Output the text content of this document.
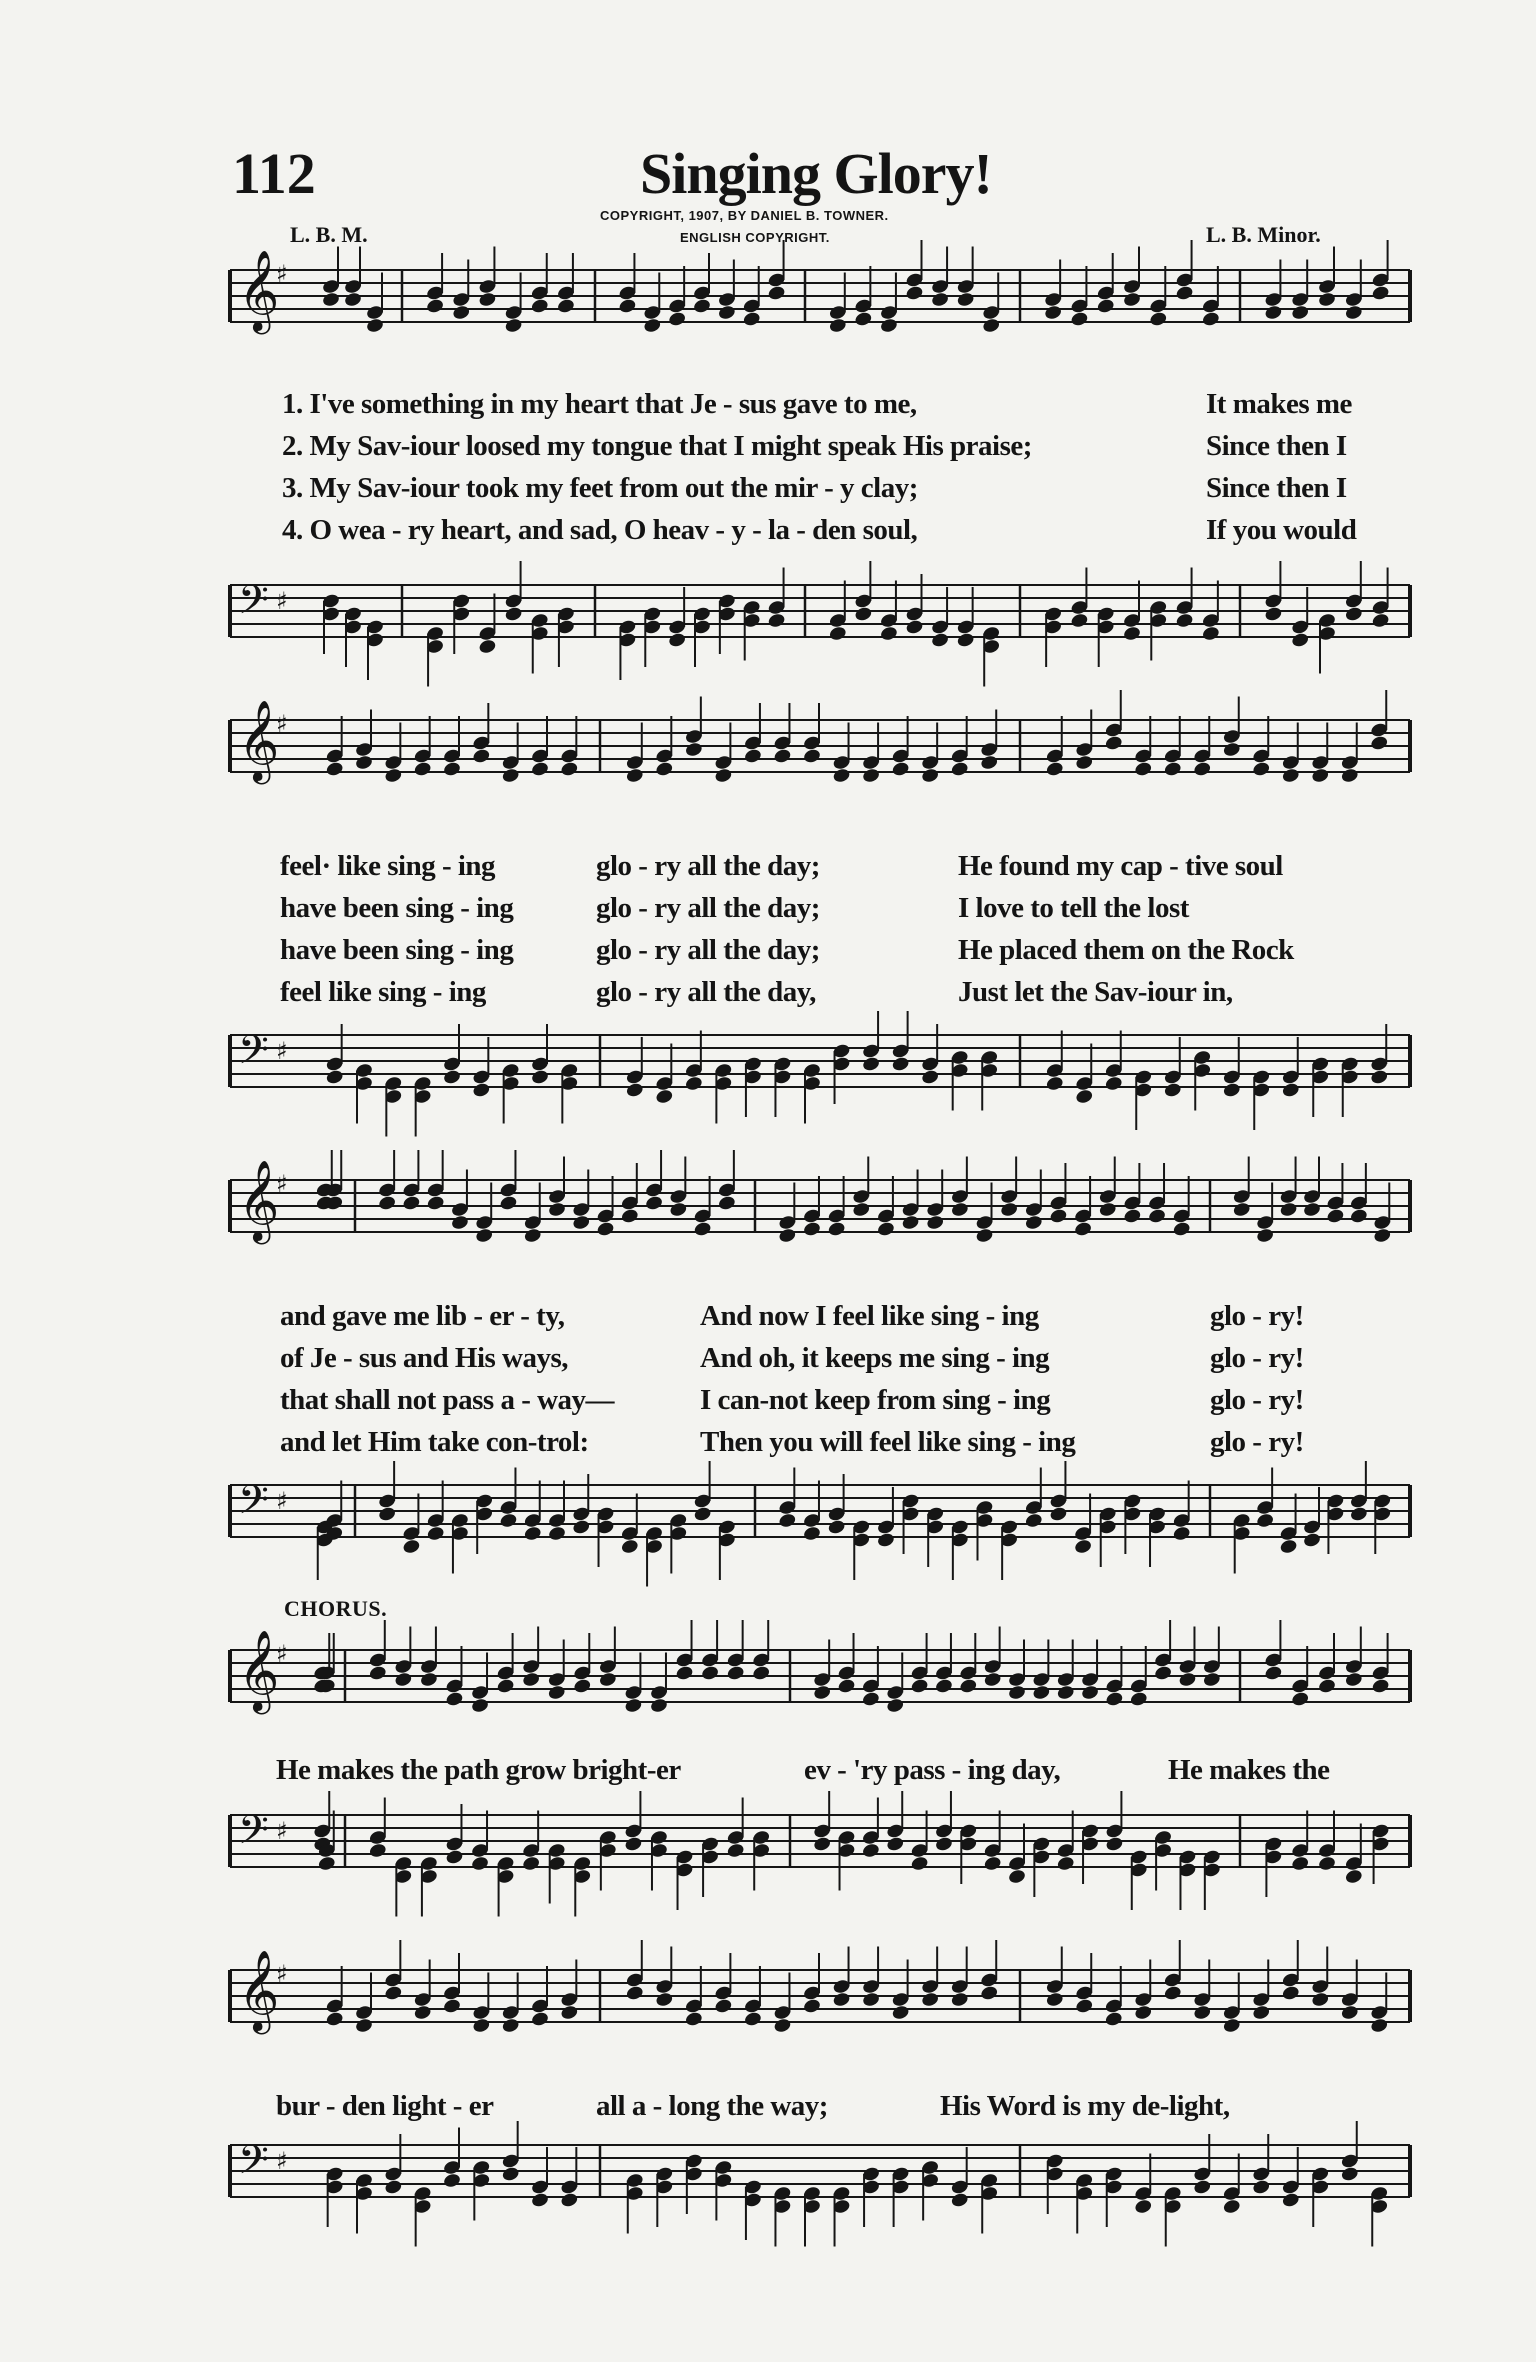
112	Singing Glory!
COPYRIGHT, 1907, BY DANIEL B. TOWNER.
ENGLISH COPYRIGHT.
L. B. M.	L. B. Minor.
𝄞
♯
1. I've something in my heart that Je - sus gave to me,	It makes me
2. My Sav-iour loosed my tongue that I might speak His praise;	Since then I
3. My Sav-iour took my feet from out the mir - y clay;	Since then I
4. O wea - ry heart, and sad, O heav - y - la - den soul,	If you would
𝄢 ♯
𝄞
♯
feel· like sing - ing	glo - ry all the day;	He found my cap - tive soul
have been sing - ing	glo - ry all the day;	I love to tell the lost
have been sing - ing	glo - ry all the day;	He placed them on the Rock
feel like sing - ing	glo - ry all the day,	Just let the Sav-iour in,
𝄢 ♯
𝄞
♯
and gave me lib - er - ty,	And now I feel like sing - ing	glo - ry!
of Je - sus and His ways,	And oh, it keeps me sing - ing	glo - ry!
that shall not pass a - way—	I can-not keep from sing - ing	glo - ry!
and let Him take con-trol:	Then you will feel like sing - ing	glo - ry!
𝄢 ♯
CHORUS.
𝄞
♯
He makes the path grow bright-er	ev - 'ry pass - ing day,	He makes the
𝄢 ♯
𝄞
♯
bur - den light - er	all a - long the way;	His Word is my de-light,
𝄢 ♯
